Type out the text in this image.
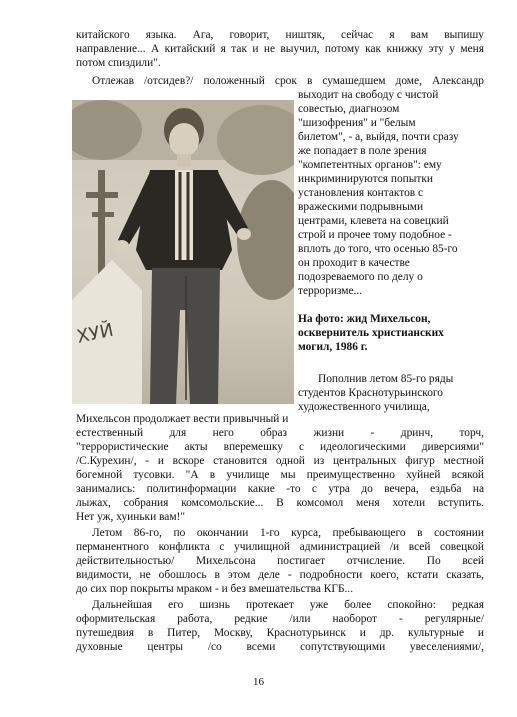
китайского языка. Ага, говорит, ништяк, сейчас я вам выпишу
направление... А китайский я так и не выучил, потому как книжку эту у меня
потом спиздили".
Отлежав /отсидев?/ положенный срок в сумашедшем доме, Александр
ХУЙ
выходит на свободу с чистой
совестью, диагнозом
"шизофрения" и "белым
билетом", - а, выйдя, почти сразу
же попадает в поле зрения
"компетентных органов": ему
инкриминируются попытки
установления контактов с
вражескими подрывными
центрами, клевета на совецкий
строй и прочее тому подобное -
вплоть до того, что осенью 85-го
он проходит в качестве
подозреваемого по делу о
терроризме...
На фото: жид Михельсон,
осквернитель христианских
могил, 1986 г.
Пополнив летом 85-го ряды
студентов Краснотурьинского
художественного училища,
Михельсон продолжает вести привычный и
естественный для него образ жизни - дринч, торч,
"террористические акты вперемешку с идеологическими диверсиями"
/С.Курехин/, - и вскоре становится одной из центральных фигур местной
богемной тусовки. "А в училище мы преимущественно хуйней всякой
занимались: политинформации какие -то с утра до вечера, ездьба на
лыжах, собрания комсомольские... В комсомол меня хотели вступить.
Нет уж, хуиньки вам!"
Летом 86-го, по окончании 1-го курса, пребывающего в состоянии
перманентного конфликта с училищной администрацией /и всей совецкой
действительностью/ Михельсона постигает отчисление. По всей
видимости, не обошлось в этом деле - подробности коего, кстати сказать,
до сих пор покрыты мраком - и без вмешательства КГБ...
Дальнейшая его шизнь протекает уже более спокойно: редкая
оформительская работа, редкие /или наоборот - регулярные/
путешедвия в Питер, Москву, Краснотурьинск и др. культурные и
духовные центры /со всеми сопутствующими увеселениями/,
16
